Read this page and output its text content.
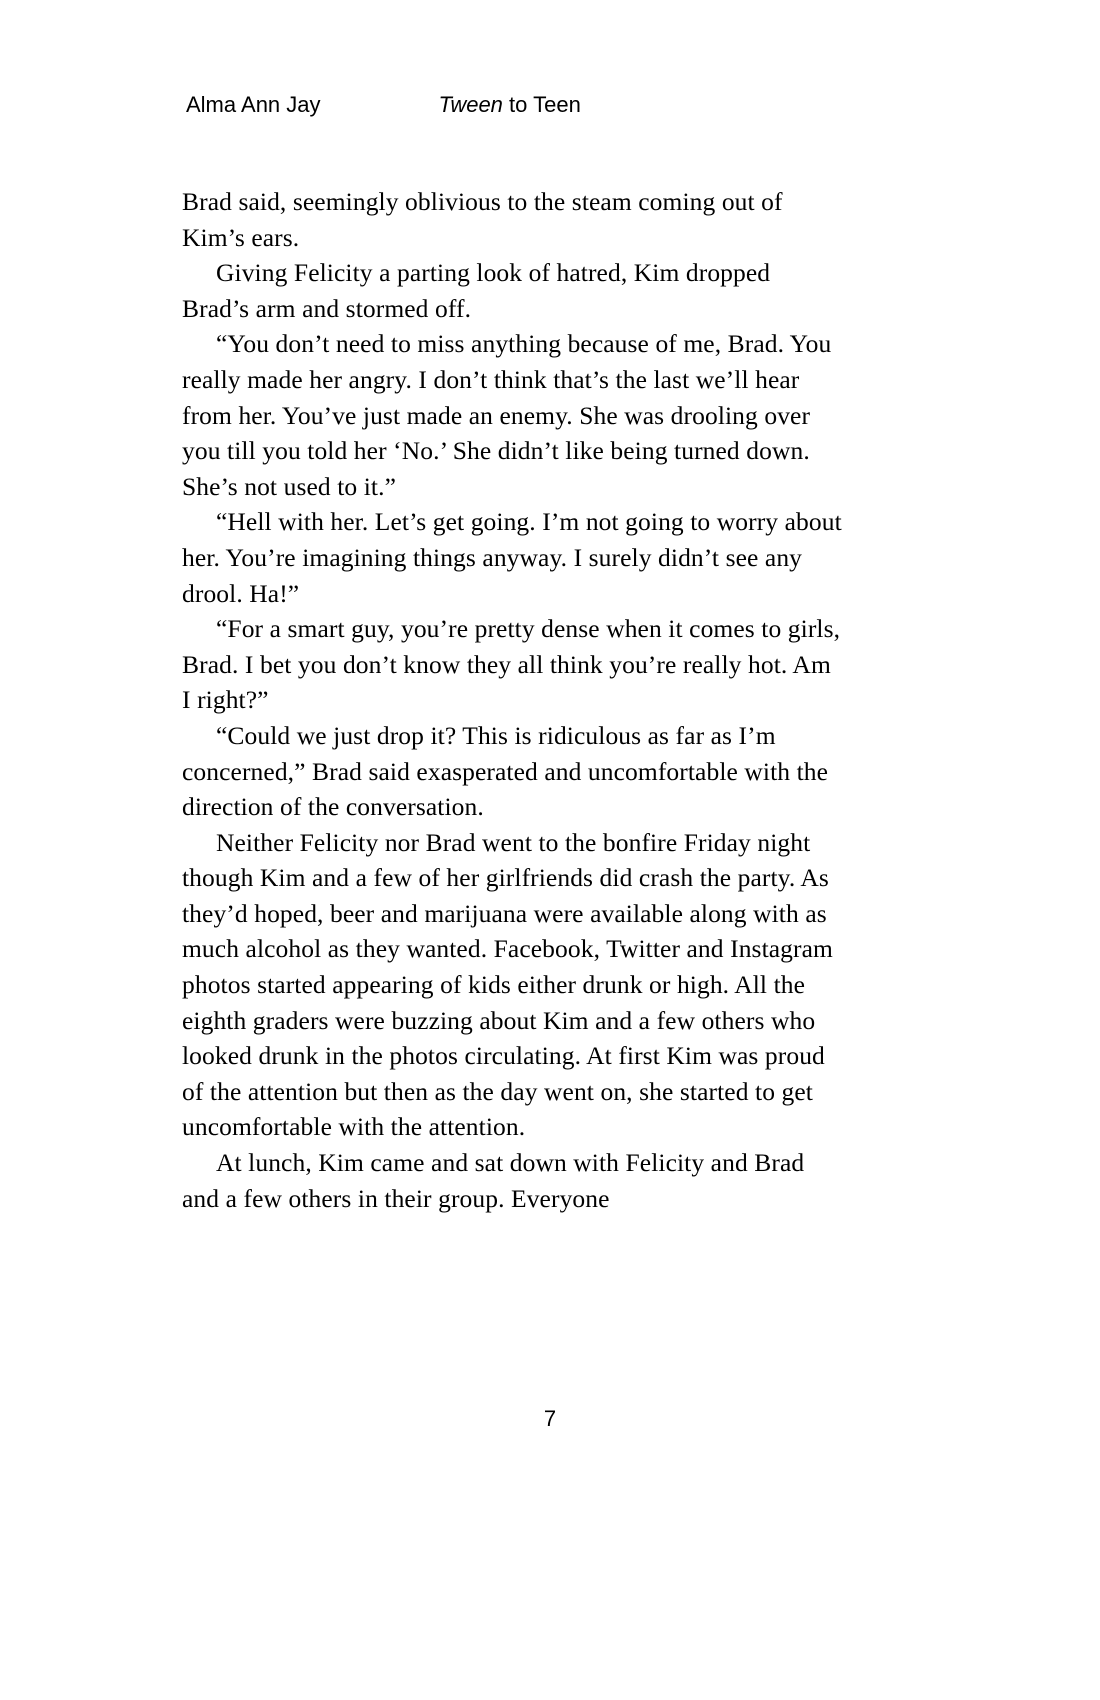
Alma Ann Jay	Tween to Teen

Brad said, seemingly oblivious to the steam coming out of Kim’s ears.

Giving Felicity a parting look of hatred, Kim dropped Brad’s arm and stormed off.

“You don’t need to miss anything because of me, Brad. You really made her angry. I don’t think that’s the last we’ll hear from her. You’ve just made an enemy. She was drooling over you till you told her ‘No.’ She didn’t like being turned down. She’s not used to it.”

“Hell with her. Let’s get going. I’m not going to worry about her. You’re imagining things anyway. I surely didn’t see any drool. Ha!”

“For a smart guy, you’re pretty dense when it comes to girls, Brad. I bet you don’t know they all think you’re really hot. Am I right?”

“Could we just drop it? This is ridiculous as far as I’m concerned,” Brad said exasperated and uncomfortable with the direction of the conversation.

Neither Felicity nor Brad went to the bonfire Friday night though Kim and a few of her girlfriends did crash the party. As they’d hoped, beer and marijuana were available along with as much alcohol as they wanted. Facebook, Twitter and Instagram photos started appearing of kids either drunk or high. All the eighth graders were buzzing about Kim and a few others who looked drunk in the photos circulating. At first Kim was proud of the attention but then as the day went on, she started to get uncomfortable with the attention.

At lunch, Kim came and sat down with Felicity and Brad and a few others in their group. Everyone

7
